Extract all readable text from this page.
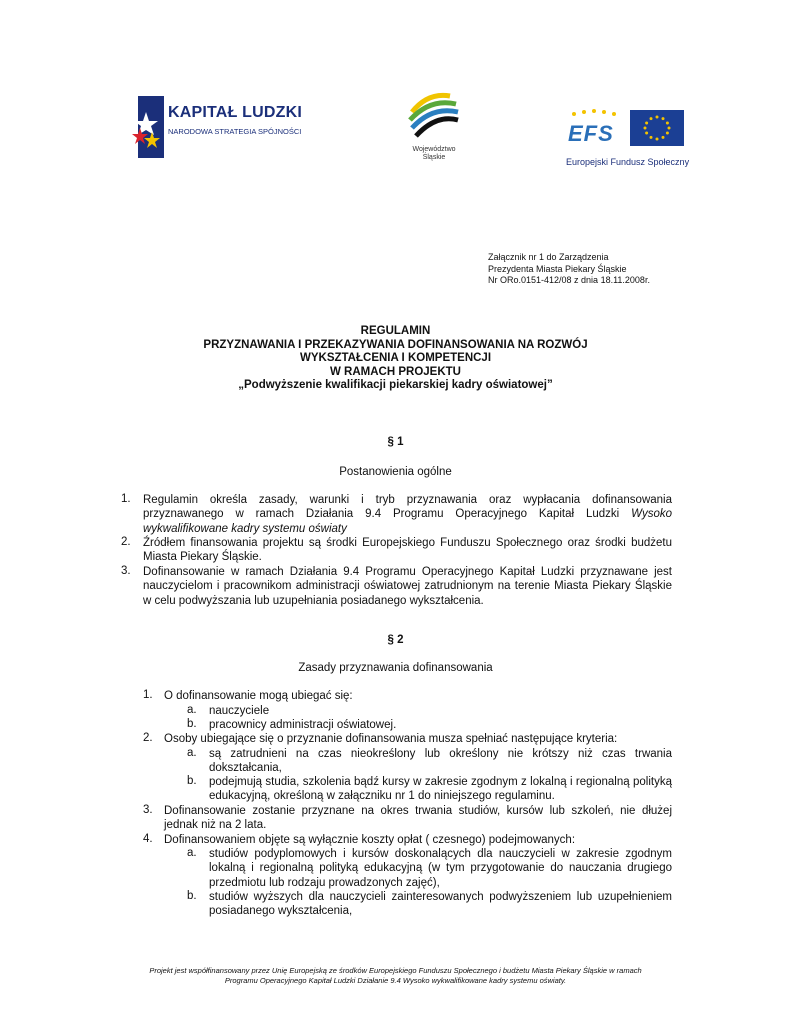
KAPITAŁ LUDZKI
NARODOWA STRATEGIA SPÓJNOŚCI
Województwo
Śląskie
EFS
Europejski Fundusz Społeczny
Załącznik nr 1 do Zarządzenia
Prezydenta Miasta Piekary Śląskie
Nr ORo.0151-412/08 z dnia 18.11.2008r.
REGULAMIN
PRZYZNAWANIA I PRZEKAZYWANIA DOFINANSOWANIA NA ROZWÓJ
WYKSZTAŁCENIA I KOMPETENCJI
W RAMACH PROJEKTU
„Podwyższenie kwalifikacji piekarskiej kadry oświatowej”
§ 1
Postanowienia ogólne
1. Regulamin określa zasady, warunki i tryb przyznawania oraz wypłacania dofinansowania przyznawanego w ramach Działania 9.4 Programu Operacyjnego Kapitał Ludzki Wysoko wykwalifikowane kadry systemu oświaty
2. Źródłem finansowania projektu są środki Europejskiego Funduszu Społecznego oraz środki budżetu Miasta Piekary Śląskie.
3. Dofinansowanie w ramach Działania 9.4 Programu Operacyjnego Kapitał Ludzki przyznawane jest nauczycielom i pracownikom administracji oświatowej zatrudnionym na terenie Miasta Piekary Śląskie w celu podwyższania lub uzupełniania posiadanego wykształcenia.
§ 2
Zasady przyznawania dofinansowania
1. O dofinansowanie mogą ubiegać się:
a. nauczyciele
b. pracownicy administracji oświatowej.
2. Osoby ubiegające się o przyznanie dofinansowania musza spełniać następujące kryteria:
a. są zatrudnieni na czas nieokreślony lub określony nie krótszy niż czas trwania dokształcania,
b. podejmują studia, szkolenia bądź kursy w zakresie zgodnym z lokalną i regionalną polityką edukacyjną, określoną w załączniku nr 1 do niniejszego regulaminu.
3. Dofinansowanie zostanie przyznane na okres trwania studiów, kursów lub szkoleń, nie dłużej jednak niż na 2 lata.
4. Dofinansowaniem objęte są wyłącznie koszty opłat ( czesnego) podejmowanych:
a. studiów podyplomowych i kursów doskonalących dla nauczycieli w zakresie zgodnym lokalną i regionalną polityką edukacyjną (w tym przygotowanie do nauczania drugiego przedmiotu lub rodzaju prowadzonych zajęć),
b. studiów wyższych dla nauczycieli zainteresowanych podwyższeniem lub uzupełnieniem posiadanego wykształcenia,
Projekt jest współfinansowany przez Unię Europejską ze środków Europejskiego Funduszu Społecznego i budżetu Miasta Piekary Śląskie w ramach
Programu Operacyjnego Kapitał Ludzki Działanie 9.4 Wysoko wykwalifikowane kadry systemu oświaty.
